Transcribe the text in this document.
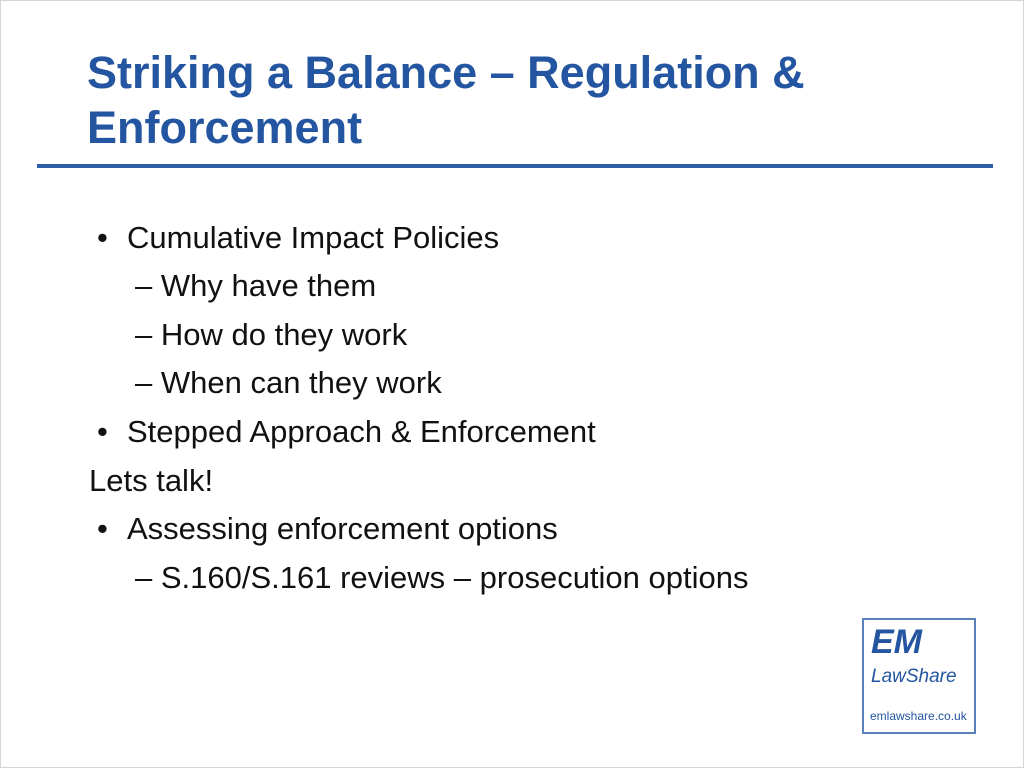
Striking a Balance – Regulation &
Enforcement
• Cumulative Impact Policies
– Why have them
– How do they work
– When can they work
• Stepped Approach & Enforcement
Lets talk!
• Assessing enforcement options
– S.160/S.161 reviews – prosecution options
EM
LawShare
emlawshare.co.uk
